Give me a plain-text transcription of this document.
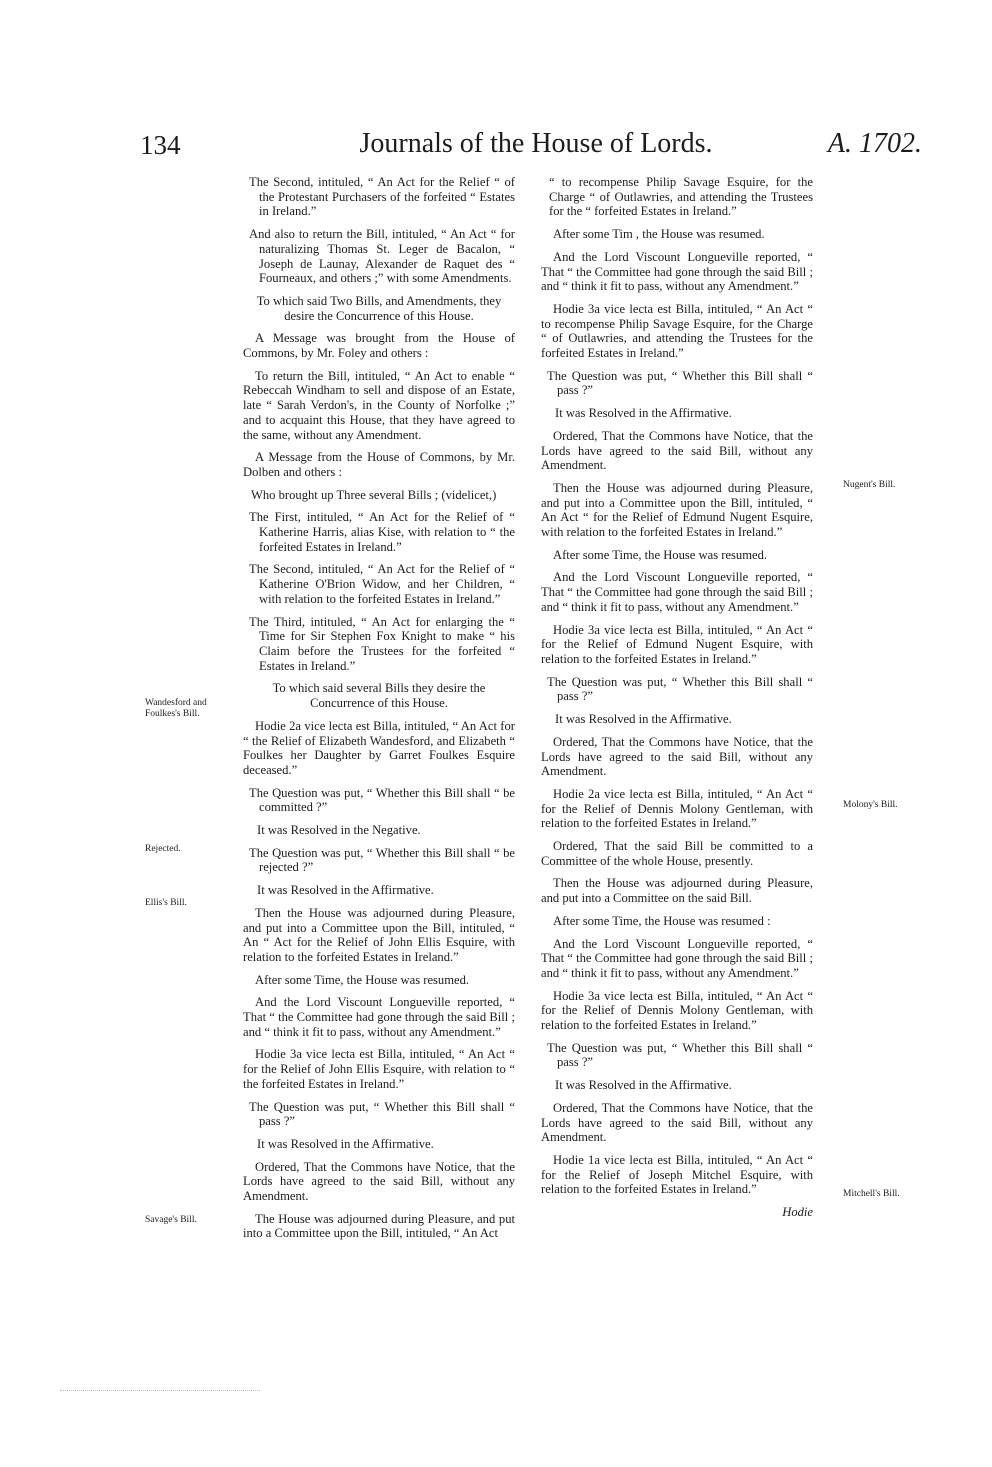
134	Journals of the House of Lords.	A. 1702.

The Second, intituled, “ An Act for the Relief “ of the Protestant Purchasers of the forfeited “ Estates in Ireland.”

And also to return the Bill, intituled, “ An Act “ for naturalizing Thomas St. Leger de Bacalon, “ Joseph de Launay, Alexander de Raquet des “ Fourneaux, and others ;” with some Amendments.

To which said Two Bills, and Amendments, they desire the Concurrence of this House.

A Message was brought from the House of Commons, by Mr. Foley and others :

To return the Bill, intituled, “ An Act to enable “ Rebeccah Windham to sell and dispose of an Estate, late “ Sarah Verdon's, in the County of Norfolke ;” and to acquaint this House, that they have agreed to the same, without any Amendment.

A Message from the House of Commons, by Mr. Dolben and others :

Who brought up Three several Bills ; (videlicet,)

The First, intituled, “ An Act for the Relief of “ Katherine Harris, alias Kise, with relation to “ the forfeited Estates in Ireland.”

The Second, intituled, “ An Act for the Relief of “ Katherine O'Brion Widow, and her Children, “ with relation to the forfeited Estates in Ireland.”

The Third, intituled, “ An Act for enlarging the “ Time for Sir Stephen Fox Knight to make “ his Claim before the Trustees for the forfeited “ Estates in Ireland.”

To which said several Bills they desire the Concurrence of this House.

Hodie 2a vice lecta est Billa, intituled, “ An Act for “ the Relief of Elizabeth Wandesford, and Elizabeth “ Foulkes her Daughter by Garret Foulkes Esquire deceased.”

The Question was put, “ Whether this Bill shall “ be committed ?”

It was Resolved in the Negative.

The Question was put, “ Whether this Bill shall “ be rejected ?”

It was Resolved in the Affirmative.

Then the House was adjourned during Pleasure, and put into a Committee upon the Bill, intituled, “ An “ Act for the Relief of John Ellis Esquire, with relation to the forfeited Estates in Ireland.”

After some Time, the House was resumed.

And the Lord Viscount Longueville reported, “ That “ the Committee had gone through the said Bill ; and “ think it fit to pass, without any Amendment.”

Hodie 3a vice lecta est Billa, intituled, “ An Act “ for the Relief of John Ellis Esquire, with relation to “ the forfeited Estates in Ireland.”

The Question was put, “ Whether this Bill shall “ pass ?”

It was Resolved in the Affirmative.

Ordered, That the Commons have Notice, that the Lords have agreed to the said Bill, without any Amendment.

The House was adjourned during Pleasure, and put into a Committee upon the Bill, intituled, “ An Act

“ to recompense Philip Savage Esquire, for the Charge “ of Outlawries, and attending the Trustees for the “ forfeited Estates in Ireland.”

After some Tim , the House was resumed.

And the Lord Viscount Longueville reported, “ That “ the Committee had gone through the said Bill ; and “ think it fit to pass, without any Amendment.”

Hodie 3a vice lecta est Billa, intituled, “ An Act “ to recompense Philip Savage Esquire, for the Charge “ of Outlawries, and attending the Trustees for the forfeited Estates in Ireland.”

The Question was put, “ Whether this Bill shall “ pass ?”

It was Resolved in the Affirmative.

Ordered, That the Commons have Notice, that the Lords have agreed to the said Bill, without any Amendment.

Then the House was adjourned during Pleasure, and put into a Committee upon the Bill, intituled, “ An Act “ for the Relief of Edmund Nugent Esquire, with relation to the forfeited Estates in Ireland.”

After some Time, the House was resumed.

And the Lord Viscount Longueville reported, “ That “ the Committee had gone through the said Bill ; and “ think it fit to pass, without any Amendment.”

Hodie 3a vice lecta est Billa, intituled, “ An Act “ for the Relief of Edmund Nugent Esquire, with relation to the forfeited Estates in Ireland.”

The Question was put, “ Whether this Bill shall “ pass ?”

It was Resolved in the Affirmative.

Ordered, That the Commons have Notice, that the Lords have agreed to the said Bill, without any Amendment.

Hodie 2a vice lecta est Billa, intituled, “ An Act “ for the Relief of Dennis Molony Gentleman, with relation to the forfeited Estates in Ireland.”

Ordered, That the said Bill be committed to a Committee of the whole House, presently.

Then the House was adjourned during Pleasure, and put into a Committee on the said Bill.

After some Time, the House was resumed :

And the Lord Viscount Longueville reported, “ That “ the Committee had gone through the said Bill ; and “ think it fit to pass, without any Amendment.”

Hodie 3a vice lecta est Billa, intituled, “ An Act “ for the Relief of Dennis Molony Gentleman, with relation to the forfeited Estates in Ireland.”

The Question was put, “ Whether this Bill shall “ pass ?”

It was Resolved in the Affirmative.

Ordered, That the Commons have Notice, that the Lords have agreed to the said Bill, without any Amendment.

Hodie 1a vice lecta est Billa, intituled, “ An Act “ for the Relief of Joseph Mitchel Esquire, with relation to the forfeited Estates in Ireland.”

Hodie

Wandesford and Foulkes's Bill.
Rejected.
Ellis's Bill.
Savage's Bill.
Nugent's Bill.
Molony's Bill.
Mitchell's Bill.
